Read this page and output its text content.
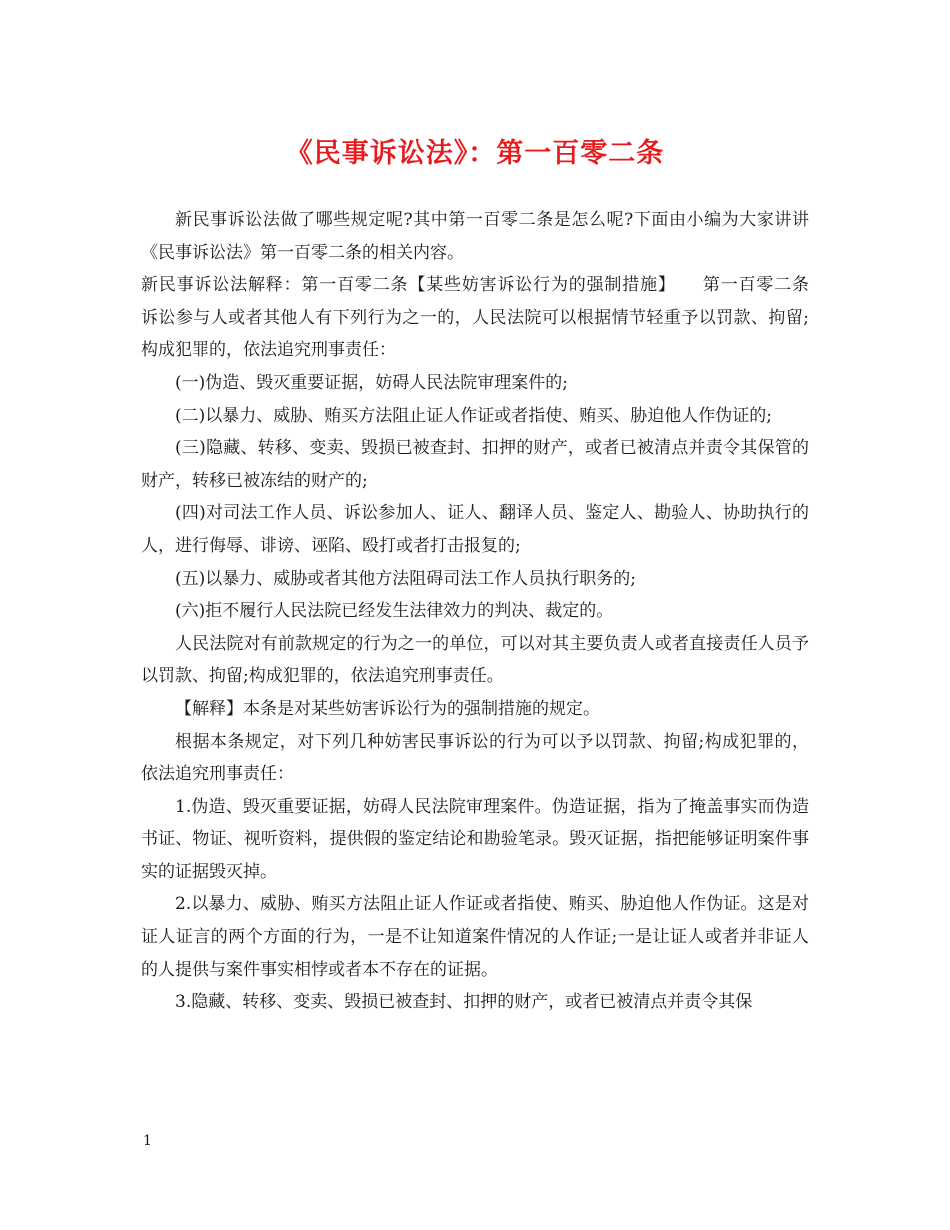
《民事诉讼法》：第一百零二条

新民事诉讼法做了哪些规定呢?其中第一百零二条是怎么呢?下面由小编为大家讲讲《民事诉讼法》第一百零二条的相关内容。

新民事诉讼法解释：第一百零二条【某些妨害诉讼行为的强制措施】　　第一百零二条　诉讼参与人或者其他人有下列行为之一的，人民法院可以根据情节轻重予以罚款、拘留;构成犯罪的，依法追究刑事责任：

(一)伪造、毁灭重要证据，妨碍人民法院审理案件的;

(二)以暴力、威胁、贿买方法阻止证人作证或者指使、贿买、胁迫他人作伪证的;

(三)隐藏、转移、变卖、毁损已被查封、扣押的财产，或者已被清点并责令其保管的财产，转移已被冻结的财产的;

(四)对司法工作人员、诉讼参加人、证人、翻译人员、鉴定人、勘验人、协助执行的人，进行侮辱、诽谤、诬陷、殴打或者打击报复的;

(五)以暴力、威胁或者其他方法阻碍司法工作人员执行职务的;

(六)拒不履行人民法院已经发生法律效力的判决、裁定的。

人民法院对有前款规定的行为之一的单位，可以对其主要负责人或者直接责任人员予以罚款、拘留;构成犯罪的，依法追究刑事责任。

【解释】本条是对某些妨害诉讼行为的强制措施的规定。

根据本条规定，对下列几种妨害民事诉讼的行为可以予以罚款、拘留;构成犯罪的，依法追究刑事责任：

1.伪造、毁灭重要证据，妨碍人民法院审理案件。伪造证据，指为了掩盖事实而伪造书证、物证、视听资料，提供假的鉴定结论和勘验笔录。毁灭证据，指把能够证明案件事实的证据毁灭掉。

2.以暴力、威胁、贿买方法阻止证人作证或者指使、贿买、胁迫他人作伪证。这是对证人证言的两个方面的行为，一是不让知道案件情况的人作证;一是让证人或者并非证人的人提供与案件事实相悖或者本不存在的证据。

3.隐藏、转移、变卖、毁损已被查封、扣押的财产，或者已被清点并责令其保

1
